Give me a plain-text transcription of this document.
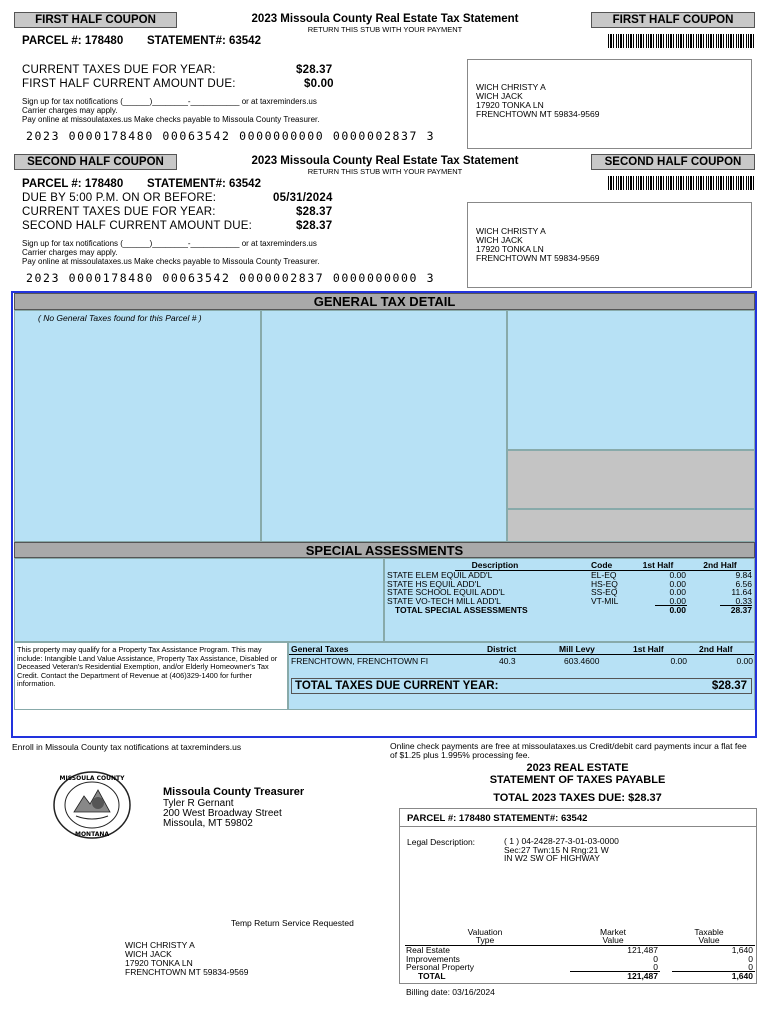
FIRST HALF COUPON	2023 Missoula County Real Estate Tax Statement
RETURN THIS STUB WITH YOUR PAYMENT
FIRST HALF COUPON
PARCEL #: 178480 STATEMENT#: 63542
CURRENT TAXES DUE FOR YEAR:	$28.37
FIRST HALF CURRENT AMOUNT DUE:	$0.00
Sign up for tax notifications (______)________-___________ or at taxreminders.us
Carrier charges may apply.
Pay online at missoulataxes.us Make checks payable to Missoula County Treasurer.
2023 0000178480 00063542 0000000000 0000002837 3
WICH CHRISTY A
WICH JACK
17920 TONKA LN
FRENCHTOWN MT 59834-9569
SECOND HALF COUPON	2023 Missoula County Real Estate Tax Statement
RETURN THIS STUB WITH YOUR PAYMENT
SECOND HALF COUPON
PARCEL #: 178480 STATEMENT#: 63542
DUE BY 5:00 P.M. ON OR BEFORE:	05/31/2024
CURRENT TAXES DUE FOR YEAR:	$28.37
SECOND HALF CURRENT AMOUNT DUE:	$28.37
Sign up for tax notifications (______)________-___________ or at taxreminders.us
Carrier charges may apply.
Pay online at missoulataxes.us Make checks payable to Missoula County Treasurer.
2023 0000178480 00063542 0000002837 0000000000 3
WICH CHRISTY A
WICH JACK
17920 TONKA LN
FRENCHTOWN MT 59834-9569
GENERAL TAX DETAIL
( No General Taxes found for this Parcel # )
SPECIAL ASSESSMENTS
Description	Code	1st Half	2nd Half
STATE ELEM EQUIL ADD'L	EL-EQ	0.00	9.84
STATE HS EQUIL ADD'L	HS-EQ	0.00	6.56
STATE SCHOOL EQUIL ADD'L	SS-EQ	0.00	11.64
STATE VO-TECH MILL ADD'L	VT-MIL	0.00	0.33
TOTAL SPECIAL ASSESSMENTS	0.00	28.37
This property may qualify for a Property Tax Assistance Program. This may include: Intangible Land Value Assistance, Property Tax Assistance, Disabled or Deceased Veteran's Residential Exemption, and/or Elderly Homeowner's Tax Credit. Contact the Department of Revenue at (406)329-1400 for further information.
General Taxes	District	Mill Levy	1st Half	2nd Half
FRENCHTOWN, FRENCHTOWN FI	40.3	603.4600	0.00	0.00
TOTAL TAXES DUE CURRENT YEAR:	$28.37
Enroll in Missoula County tax notifications at taxreminders.us	Online check payments are free at missoulataxes.us Credit/debit card payments incur a flat fee of $1.25 plus 1.995% processing fee.
2023 REAL ESTATE
STATEMENT OF TAXES PAYABLE
TOTAL 2023 TAXES DUE: $28.37
MISSOULA COUNTY
MONTANA
Missoula County Treasurer
Tyler R Gernant
200 West Broadway Street
Missoula, MT 59802
Temp Return Service Requested
WICH CHRISTY A
WICH JACK
17920 TONKA LN
FRENCHTOWN MT 59834-9569
PARCEL #: 178480 STATEMENT#: 63542
Legal Description:	( 1 ) 04-2428-27-3-01-03-0000
Sec:27 Twn:15 N Rng:21 W
IN W2 SW OF HIGHWAY
Valuation
Type
Market
Value
Taxable
Value
Real Estate	121,487	1,640
Improvements	0	0
Personal Property	0	0
TOTAL	121,487	1,640
Billing date: 03/16/2024
